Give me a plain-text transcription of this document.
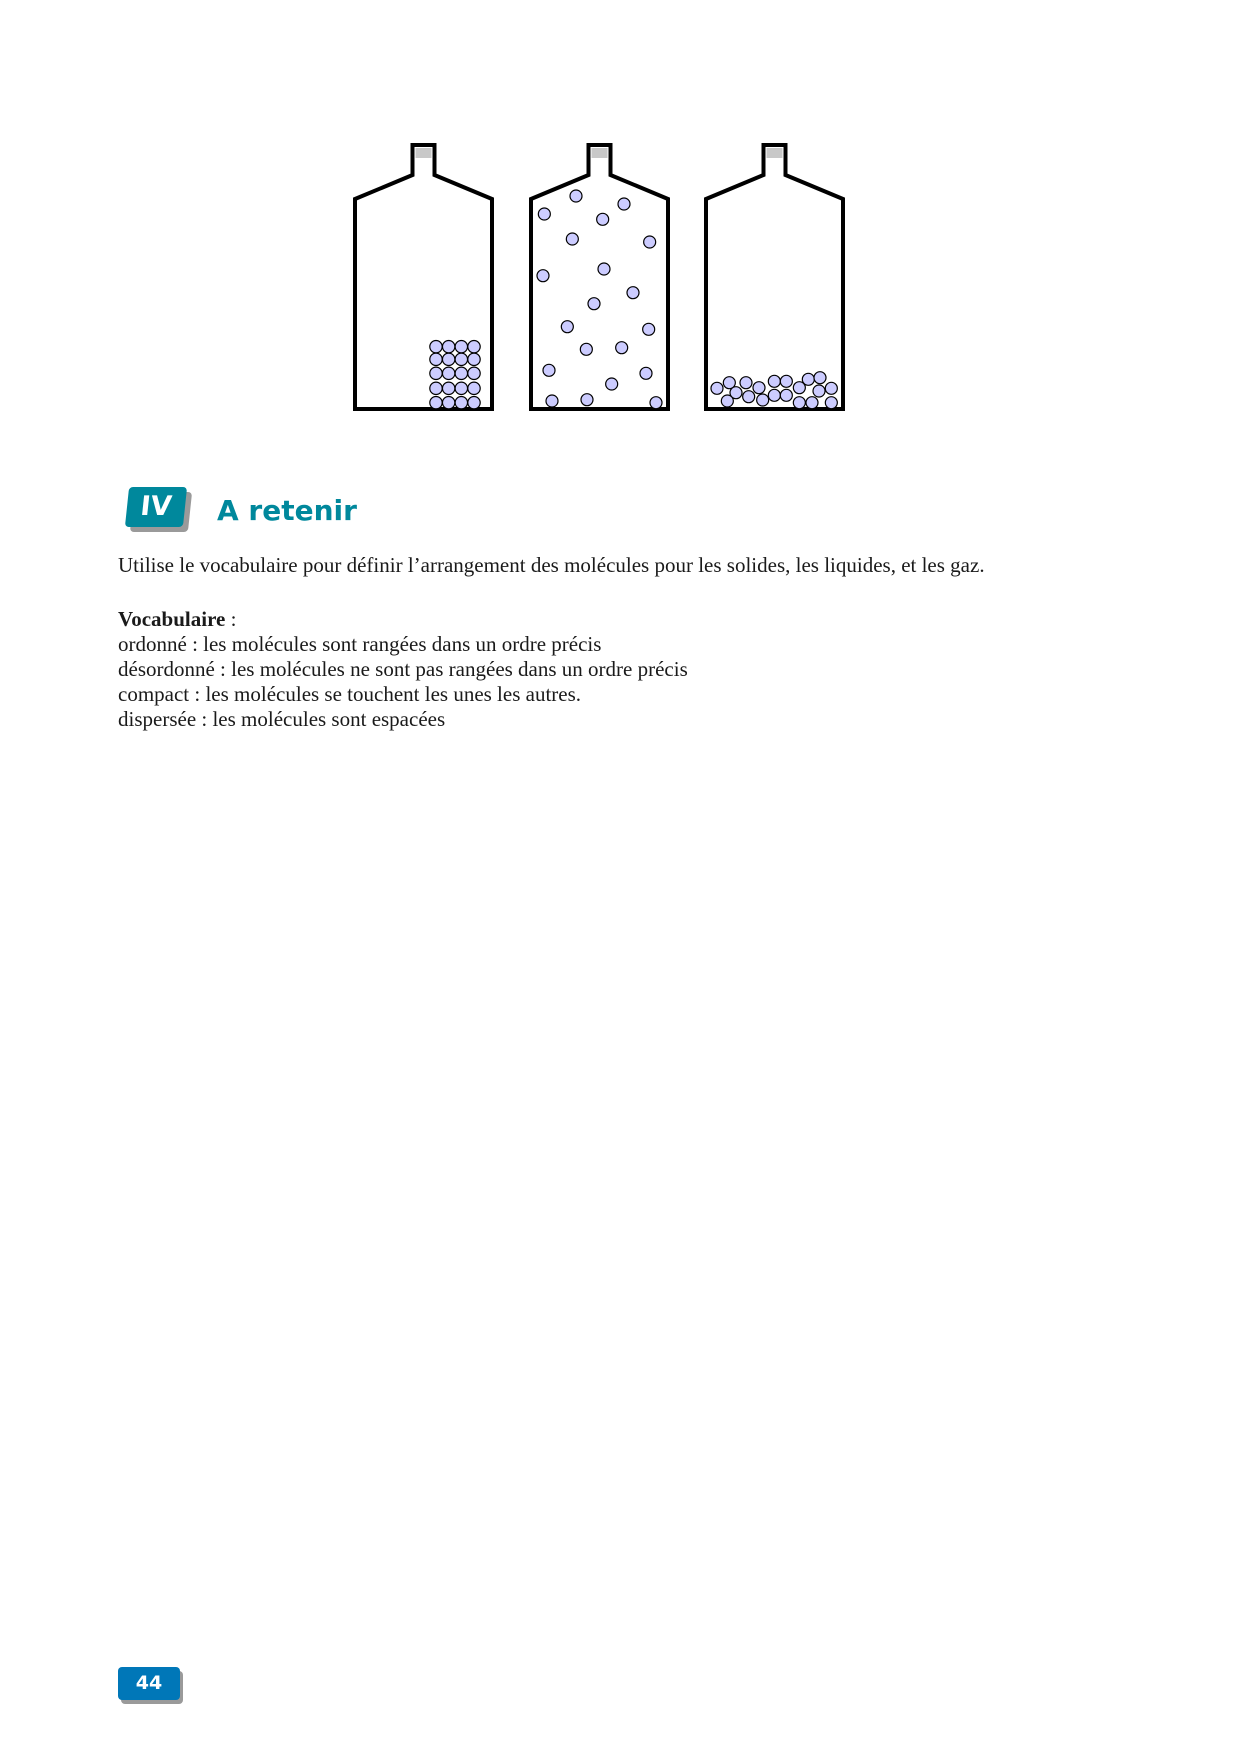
IV	A retenir
Utilise le vocabulaire pour définir l’arrangement des molécules pour les solides, les liquides, et les gaz.
Vocabulaire :
ordonné : les molécules sont rangées dans un ordre précis
désordonné : les molécules ne sont pas rangées dans un ordre précis
compact : les molécules se touchent les unes les autres.
dispersée : les molécules sont espacées
44
